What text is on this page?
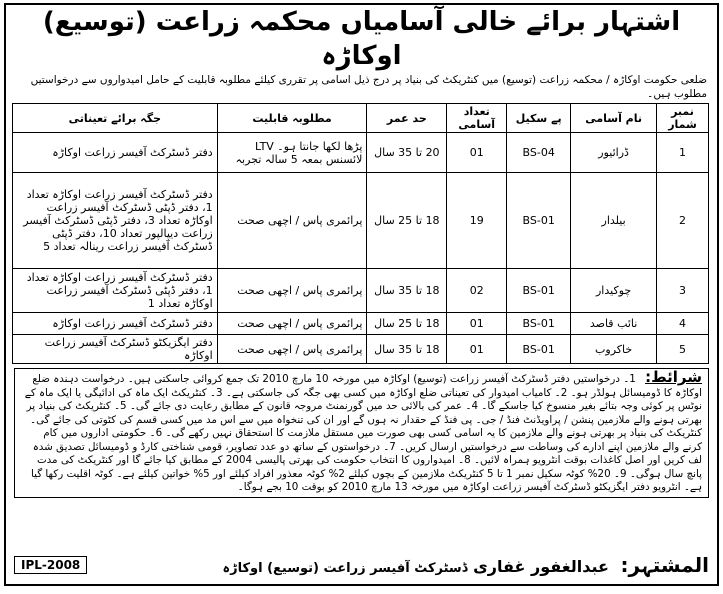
اشتہار برائے خالی آسامیاں محکمہ زراعت (توسیع) اوکاڑہ
ضلعی حکومت اوکاڑہ / محکمہ زراعت (توسیع) میں کنٹریکٹ کی بنیاد پر درج ذیل اسامی پر تقرری کیلئے مطلوبہ قابلیت کے حامل امیدواروں سے درخواستیں مطلوب ہیں۔
نمبر شمار	نام آسامی	پے سکیل	تعداد آسامی	حد عمر	مطلوبہ قابلیت	جگہ برائے تعیناتی
1	ڈرائیور	BS-04	01	20 تا 35 سال	پڑھا لکھا جانتا ہو۔ LTV لائسنس بمعہ 5 سالہ تجربہ	دفتر ڈسٹرکٹ آفیسر زراعت اوکاڑہ
2	بیلدار	BS-01	19	18 تا 25 سال	پرائمری پاس / اچھی صحت	دفتر ڈسٹرکٹ آفیسر زراعت اوکاڑہ تعداد 1، دفتر ڈپٹی ڈسٹرکٹ آفیسر زراعت اوکاڑہ تعداد 3، دفتر ڈپٹی ڈسٹرکٹ آفیسر زراعت دیپالپور تعداد 10، دفتر ڈپٹی ڈسٹرکٹ آفیسر زراعت رینالہ تعداد 5
3	چوکیدار	BS-01	02	18 تا 35 سال	پرائمری پاس / اچھی صحت	دفتر ڈسٹرکٹ آفیسر زراعت اوکاڑہ تعداد 1، دفتر ڈپٹی ڈسٹرکٹ آفیسر زراعت اوکاڑہ تعداد 1
4	نائب قاصد	BS-01	01	18 تا 25 سال	پرائمری پاس / اچھی صحت	دفتر ڈسٹرکٹ آفیسر زراعت اوکاڑہ
5	خاکروب	BS-01	01	18 تا 35 سال	پرائمری پاس / اچھی صحت	دفتر ایگزیکٹو ڈسٹرکٹ آفیسر زراعت اوکاڑہ
شرائط: 1۔ درخواستیں دفتر ڈسٹرکٹ آفیسر زراعت (توسیع) اوکاڑہ میں مورخہ 10 مارچ 2010 تک جمع کروائی جاسکتی ہیں۔ درخواست دہندہ ضلع اوکاڑہ کا ڈومیسائل ہولڈر ہو۔ 2۔ کامیاب امیدوار کی تعیناتی ضلع اوکاڑہ میں کسی بھی جگہ کی جاسکتی ہے۔ 3۔ کنٹریکٹ ایک ماہ کی ادائیگی یا ایک ماہ کے نوٹس پر کوئی وجہ بتائے بغیر منسوخ کیا جاسکے گا۔ 4۔ عمر کی بالائی حد میں گورنمنٹ مروجہ قانون کے مطابق رعایت دی جائے گی۔ 5۔ کنٹریکٹ کی بنیاد پر بھرتی ہونے والے ملازمین پنشن / پراویڈنٹ فنڈ / جی۔ پی فنڈ کے حقدار نہ ہوں گے اور ان کی تنخواہ میں سے اس مد میں کسی قسم کی کٹوتی کی جائے گی۔ کنٹریکٹ کی بنیاد پر بھرتی ہونے والے ملازمین کا یہ اسامی کسی بھی صورت میں مستقل ملازمت کا استحقاق نہیں رکھے گی۔ 6۔ حکومتی اداروں میں کام کرنے والے ملازمین اپنے ادارے کی وساطت سے درخواستیں ارسال کریں۔ 7۔ درخواستوں کے ساتھ دو عدد تصاویر، قومی شناختی کارڈ و ڈومیسائل تصدیق شدہ لف کریں اور اصل کاغذات بوقت انٹرویو ہمراہ لائیں۔ 8۔ امیدواروں کا انتخاب حکومت کی بھرتی پالیسی 2004 کے مطابق کیا جائے گا اور کنٹریکٹ کی مدت پانچ سال ہوگی۔ 9۔ 20% کوٹہ سکیل نمبر 1 تا 5 کنٹریکٹ ملازمین کے بچوں کیلئے 2% کوٹہ معذور افراد کیلئے اور 5% خواتین کیلئے ہے۔ کوٹہ اقلیت رکھا گیا ہے۔ انٹرویو دفتر ایگزیکٹو ڈسٹرکٹ آفیسر زراعت اوکاڑہ میں مورخہ 13 مارچ 2010 کو بوقت 10 بجے ہوگا۔
المشتہر: عبدالغفور غفاری ڈسٹرکٹ آفیسر زراعت (توسیع) اوکاڑہ
IPL-2008
